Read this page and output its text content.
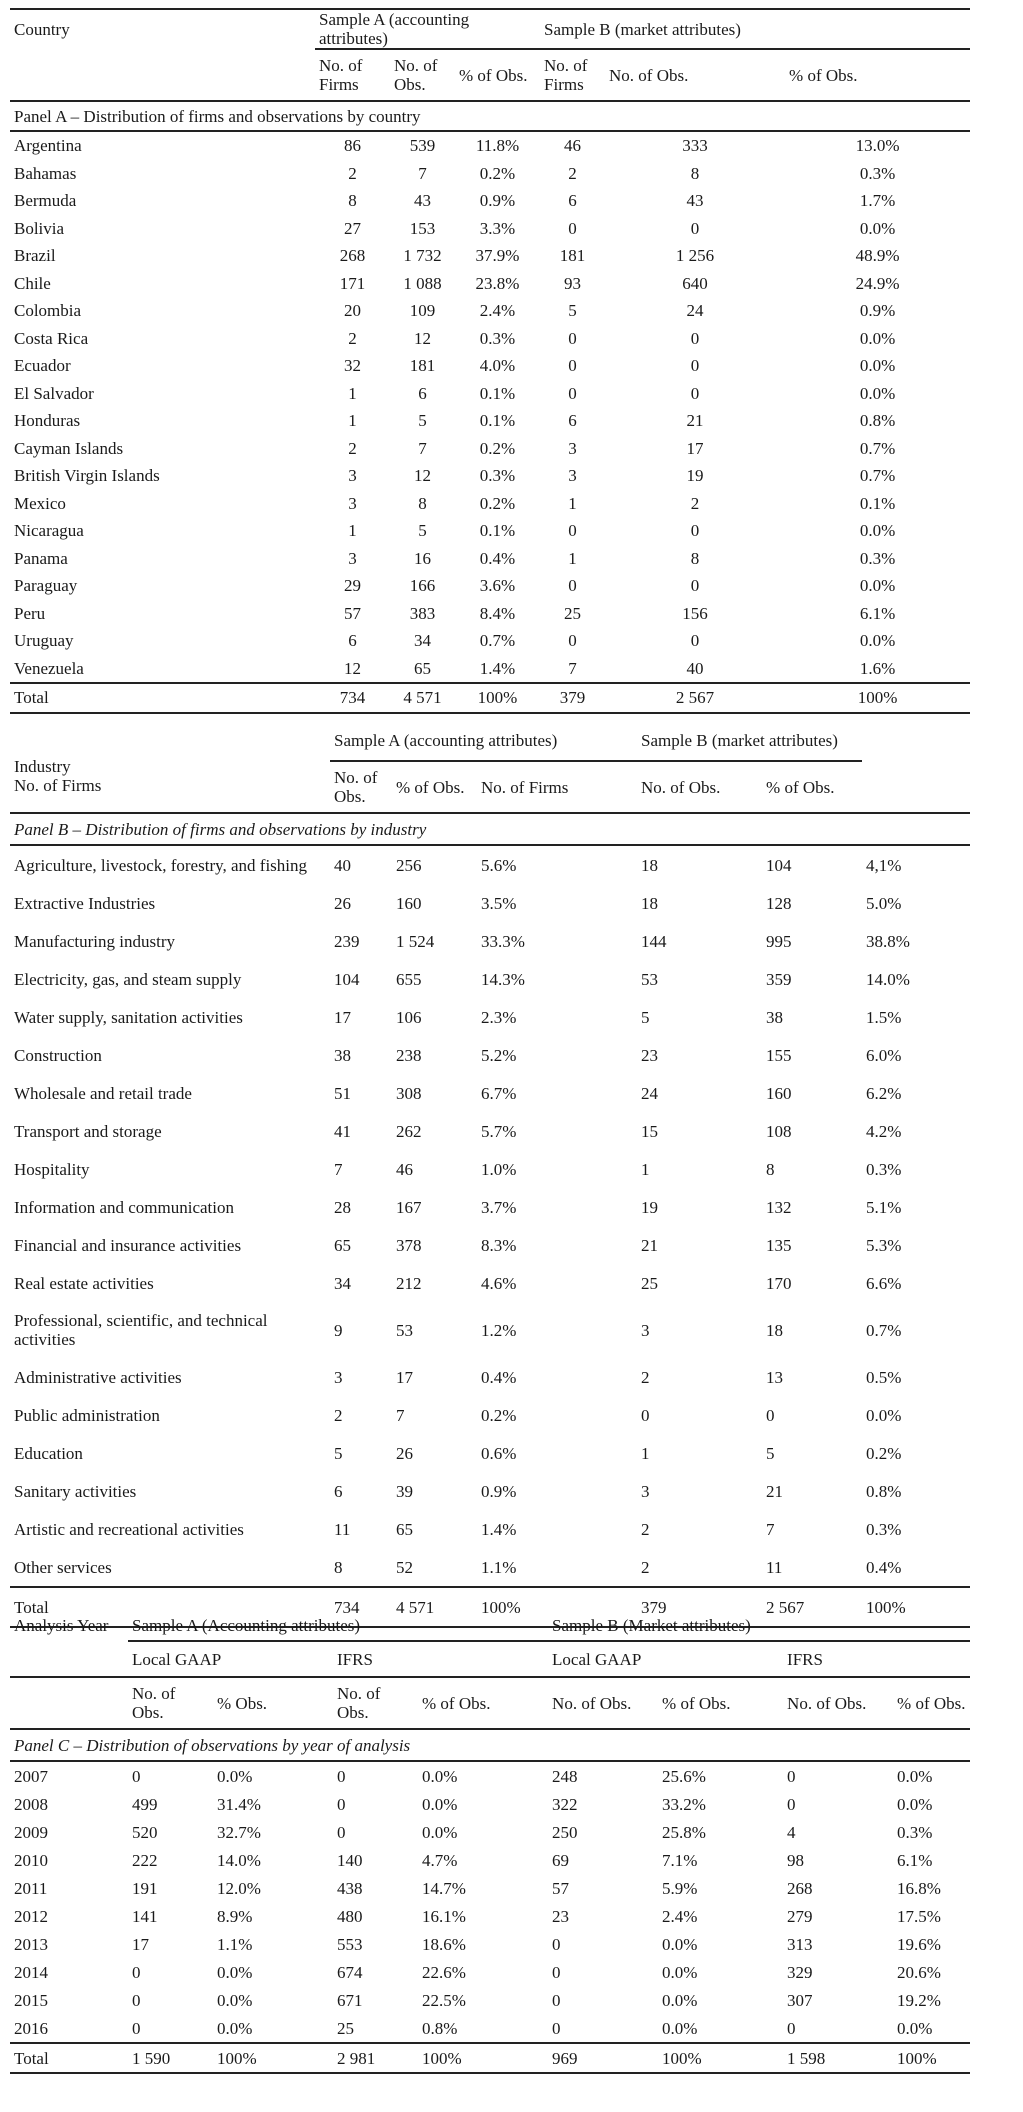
Country	Sample A (accounting attributes)			Sample B (market attributes)		
	No. of Firms	No. of Obs.	% of Obs.	No. of Firms	No. of Obs.	% of Obs.
Panel A – Distribution of firms and observations by country						
Argentina	86	539	11.8%	46	333	13.0%
Bahamas	2	7	0.2%	2	8	0.3%
Bermuda	8	43	0.9%	6	43	1.7%
Bolivia	27	153	3.3%	0	0	0.0%
Brazil	268	1 732	37.9%	181	1 256	48.9%
Chile	171	1 088	23.8%	93	640	24.9%
Colombia	20	109	2.4%	5	24	0.9%
Costa Rica	2	12	0.3%	0	0	0.0%
Ecuador	32	181	4.0%	0	0	0.0%
El Salvador	1	6	0.1%	0	0	0.0%
Honduras	1	5	0.1%	6	21	0.8%
Cayman Islands	2	7	0.2%	3	17	0.7%
British Virgin Islands	3	12	0.3%	3	19	0.7%
Mexico	3	8	0.2%	1	2	0.1%
Nicaragua	1	5	0.1%	0	0	0.0%
Panama	3	16	0.4%	1	8	0.3%
Paraguay	29	166	3.6%	0	0	0.0%
Peru	57	383	8.4%	25	156	6.1%
Uruguay	6	34	0.7%	0	0	0.0%
Venezuela	12	65	1.4%	7	40	1.6%
Total	734	4 571	100%	379	2 567	100%
Industry
No. of Firms	Sample A (accounting attributes)			Sample B (market attributes)		
	No. of Obs.	% of Obs.	No. of Firms	No. of Obs.	% of Obs.	
Panel B – Distribution of firms and observations by industry						
Agriculture, livestock, forestry, and fishing	40	256	5.6%	18	104	4,1%
Extractive Industries	26	160	3.5%	18	128	5.0%
Manufacturing industry	239	1 524	33.3%	144	995	38.8%
Electricity, gas, and steam supply	104	655	14.3%	53	359	14.0%
Water supply, sanitation activities	17	106	2.3%	5	38	1.5%
Construction	38	238	5.2%	23	155	6.0%
Wholesale and retail trade	51	308	6.7%	24	160	6.2%
Transport and storage	41	262	5.7%	15	108	4.2%
Hospitality	7	46	1.0%	1	8	0.3%
Information and communication	28	167	3.7%	19	132	5.1%
Financial and insurance activities	65	378	8.3%	21	135	5.3%
Real estate activities	34	212	4.6%	25	170	6.6%
Professional, scientific, and technical activities	9	53	1.2%	3	18	0.7%
Administrative activities	3	17	0.4%	2	13	0.5%
Public administration	2	7	0.2%	0	0	0.0%
Education	5	26	0.6%	1	5	0.2%
Sanitary activities	6	39	0.9%	3	21	0.8%
Artistic and recreational activities	11	65	1.4%	2	7	0.3%
Other services	8	52	1.1%	2	11	0.4%
Total	734	4 571	100%	379	2 567	100%
Analysis Year	Sample A (Accounting attributes)				Sample B (Market attributes)			
	Local GAAP		IFRS		Local GAAP		IFRS	
	No. of Obs.	% Obs.	No. of Obs.	% of Obs.	No. of Obs.	% of Obs.	No. of Obs.	% of Obs.
Panel C – Distribution of observations by year of analysis								
2007	0	0.0%	0	0.0%	248	25.6%	0	0.0%
2008	499	31.4%	0	0.0%	322	33.2%	0	0.0%
2009	520	32.7%	0	0.0%	250	25.8%	4	0.3%
2010	222	14.0%	140	4.7%	69	7.1%	98	6.1%
2011	191	12.0%	438	14.7%	57	5.9%	268	16.8%
2012	141	8.9%	480	16.1%	23	2.4%	279	17.5%
2013	17	1.1%	553	18.6%	0	0.0%	313	19.6%
2014	0	0.0%	674	22.6%	0	0.0%	329	20.6%
2015	0	0.0%	671	22.5%	0	0.0%	307	19.2%
2016	0	0.0%	25	0.8%	0	0.0%	0	0.0%
Total	1 590	100%	2 981	100%	969	100%	1 598	100%
